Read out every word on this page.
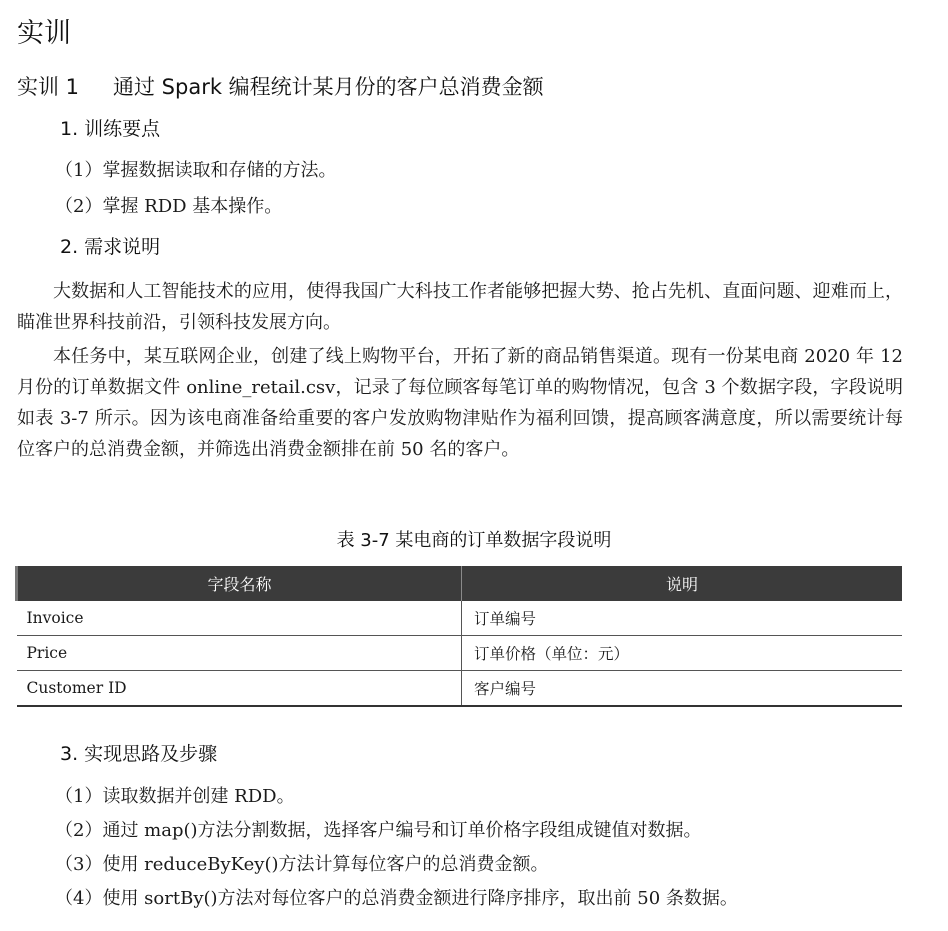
实训
实训 1 通过 Spark 编程统计某月份的客户总消费金额
1. 训练要点
（1）掌握数据读取和存储的方法。
（2）掌握 RDD 基本操作。
2. 需求说明

大数据和人工智能技术的应用，使得我国广大科技工作者能够把握大势、抢占先机、直面问题、迎难而上，瞄准世界科技前沿，引领科技发展方向。

本任务中，某互联网企业，创建了线上购物平台，开拓了新的商品销售渠道。现有一份某电商 2020 年 12 月份的订单数据文件 online_retail.csv，记录了每位顾客每笔订单的购物情况，包含 3 个数据字段，字段说明如表 3-7 所示。因为该电商准备给重要的客户发放购物津贴作为福利回馈，提高顾客满意度，所以需要统计每位客户的总消费金额，并筛选出消费金额排在前 50 名的客户。

表 3-7 某电商的订单数据字段说明
字段名称	说明
Invoice	订单编号
Price	订单价格（单位：元）
Customer ID	客户编号
3. 实现思路及步骤
（1）读取数据并创建 RDD。
（2）通过 map()方法分割数据，选择客户编号和订单价格字段组成键值对数据。
（3）使用 reduceByKey()方法计算每位客户的总消费金额。
（4）使用 sortBy()方法对每位客户的总消费金额进行降序排序，取出前 50 条数据。
